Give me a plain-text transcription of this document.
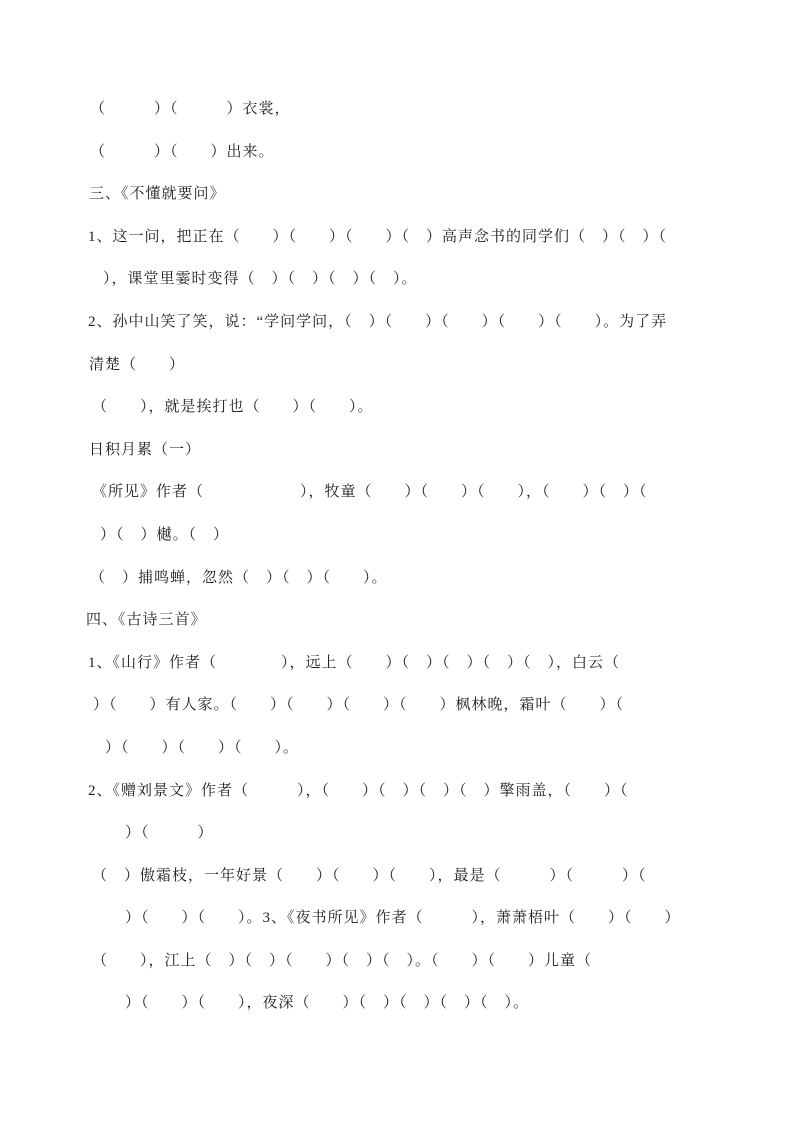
（　　　）（　　　）衣裳，
（　　　）（　　）出来。
三、《不懂就要问》
1、这一问，把正在（　　）（　　）（　　）（　）高声念书的同学们（　）（　）（
），课堂里霎时变得（　）（　）（　）（　）。
2、孙中山笑了笑，说：“学问学问，（　）（　　）（　　）（　　）（　　）。为了弄
清楚（　　）
（　　），就是挨打也（　　）（　　）。
日积月累（一）
《所见》作者（　　　　　　），牧童（　　）（　　）（　　），（　　）（　）（
）（　）樾。（　）
（　）捕鸣蝉，忽然（　）（　）（　　）。
四、《古诗三首》
1、《山行》作者（　　　　），远上（　　）（　）（　）（　）（　），白云（
）（　　）有人家。（　　）（　　）（　　）（　　）枫林晚，霜叶（　　）（
）（　　）（　　）（　　）。
2、《赠刘景文》作者（　　　），（　　）（　）（　）（　）擎雨盖，（　　）（
）（　　　）
（　）傲霜枝，一年好景（　　）（　　）（　　），最是（　　　）（　　　）（
）（　　）（　　）。3、《夜书所见》作者（　　　），萧萧梧叶（　　）（　　）
（　　），江上（　）（　）（　　）（　）（　）。（　　）（　　）儿童（
）（　　）（　　），夜深（　　）（　）（　）（　）（　）。
